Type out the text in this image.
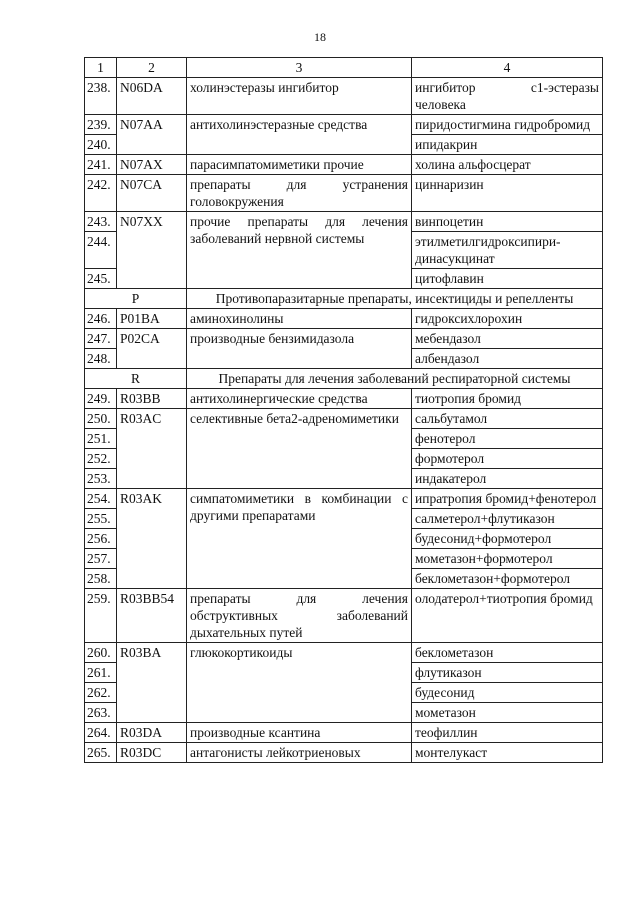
18
1	2	3	4
238.	N06DA	холинэстеразы ингибитор	ингибитор с1-эстеразы человека
239.	N07AA	антихолинэстеразные средства	пиридостигмина гидробромид
240.			ипидакрин
241.	N07AX	парасимпатомиметики прочие	холина альфосцерат
242.	N07CA	препараты для устранения головокружения	циннаризин
243.	N07XX	прочие препараты для лечения заболеваний нервной системы	винпоцетин
244.			этилметилгидроксипири-динасукцинат
245.			цитофлавин
P		Противопаразитарные препараты, инсектициды и репелленты	
246.	P01BA	аминохинолины	гидроксихлорохин
247.	P02CA	производные бензимидазола	мебендазол
248.			албендазол
R		Препараты для лечения заболеваний респираторной системы	
249.	R03BB	антихолинергические средства	тиотропия бромид
250.	R03AC	селективные бета2-адреномиметики	сальбутамол
251.			фенотерол
252.			формотерол
253.			индакатерол
254.	R03AK	симпатомиметики в комбинации с другими препаратами	ипратропия бромид+фенотерол
255.			салметерол+флутиказон
256.			будесонид+формотерол
257.			мометазон+формотерол
258.			беклометазон+формотерол
259.	R03BB54	препараты для лечения обструктивных заболеваний дыхательных путей	олодатерол+тиотропия бромид
260.	R03BA	глюкокортикоиды	беклометазон
261.			флутиказон
262.			будесонид
263.			мометазон
264.	R03DA	производные ксантина	теофиллин
265.	R03DC	антагонисты лейкотриеновых	монтелукаст
